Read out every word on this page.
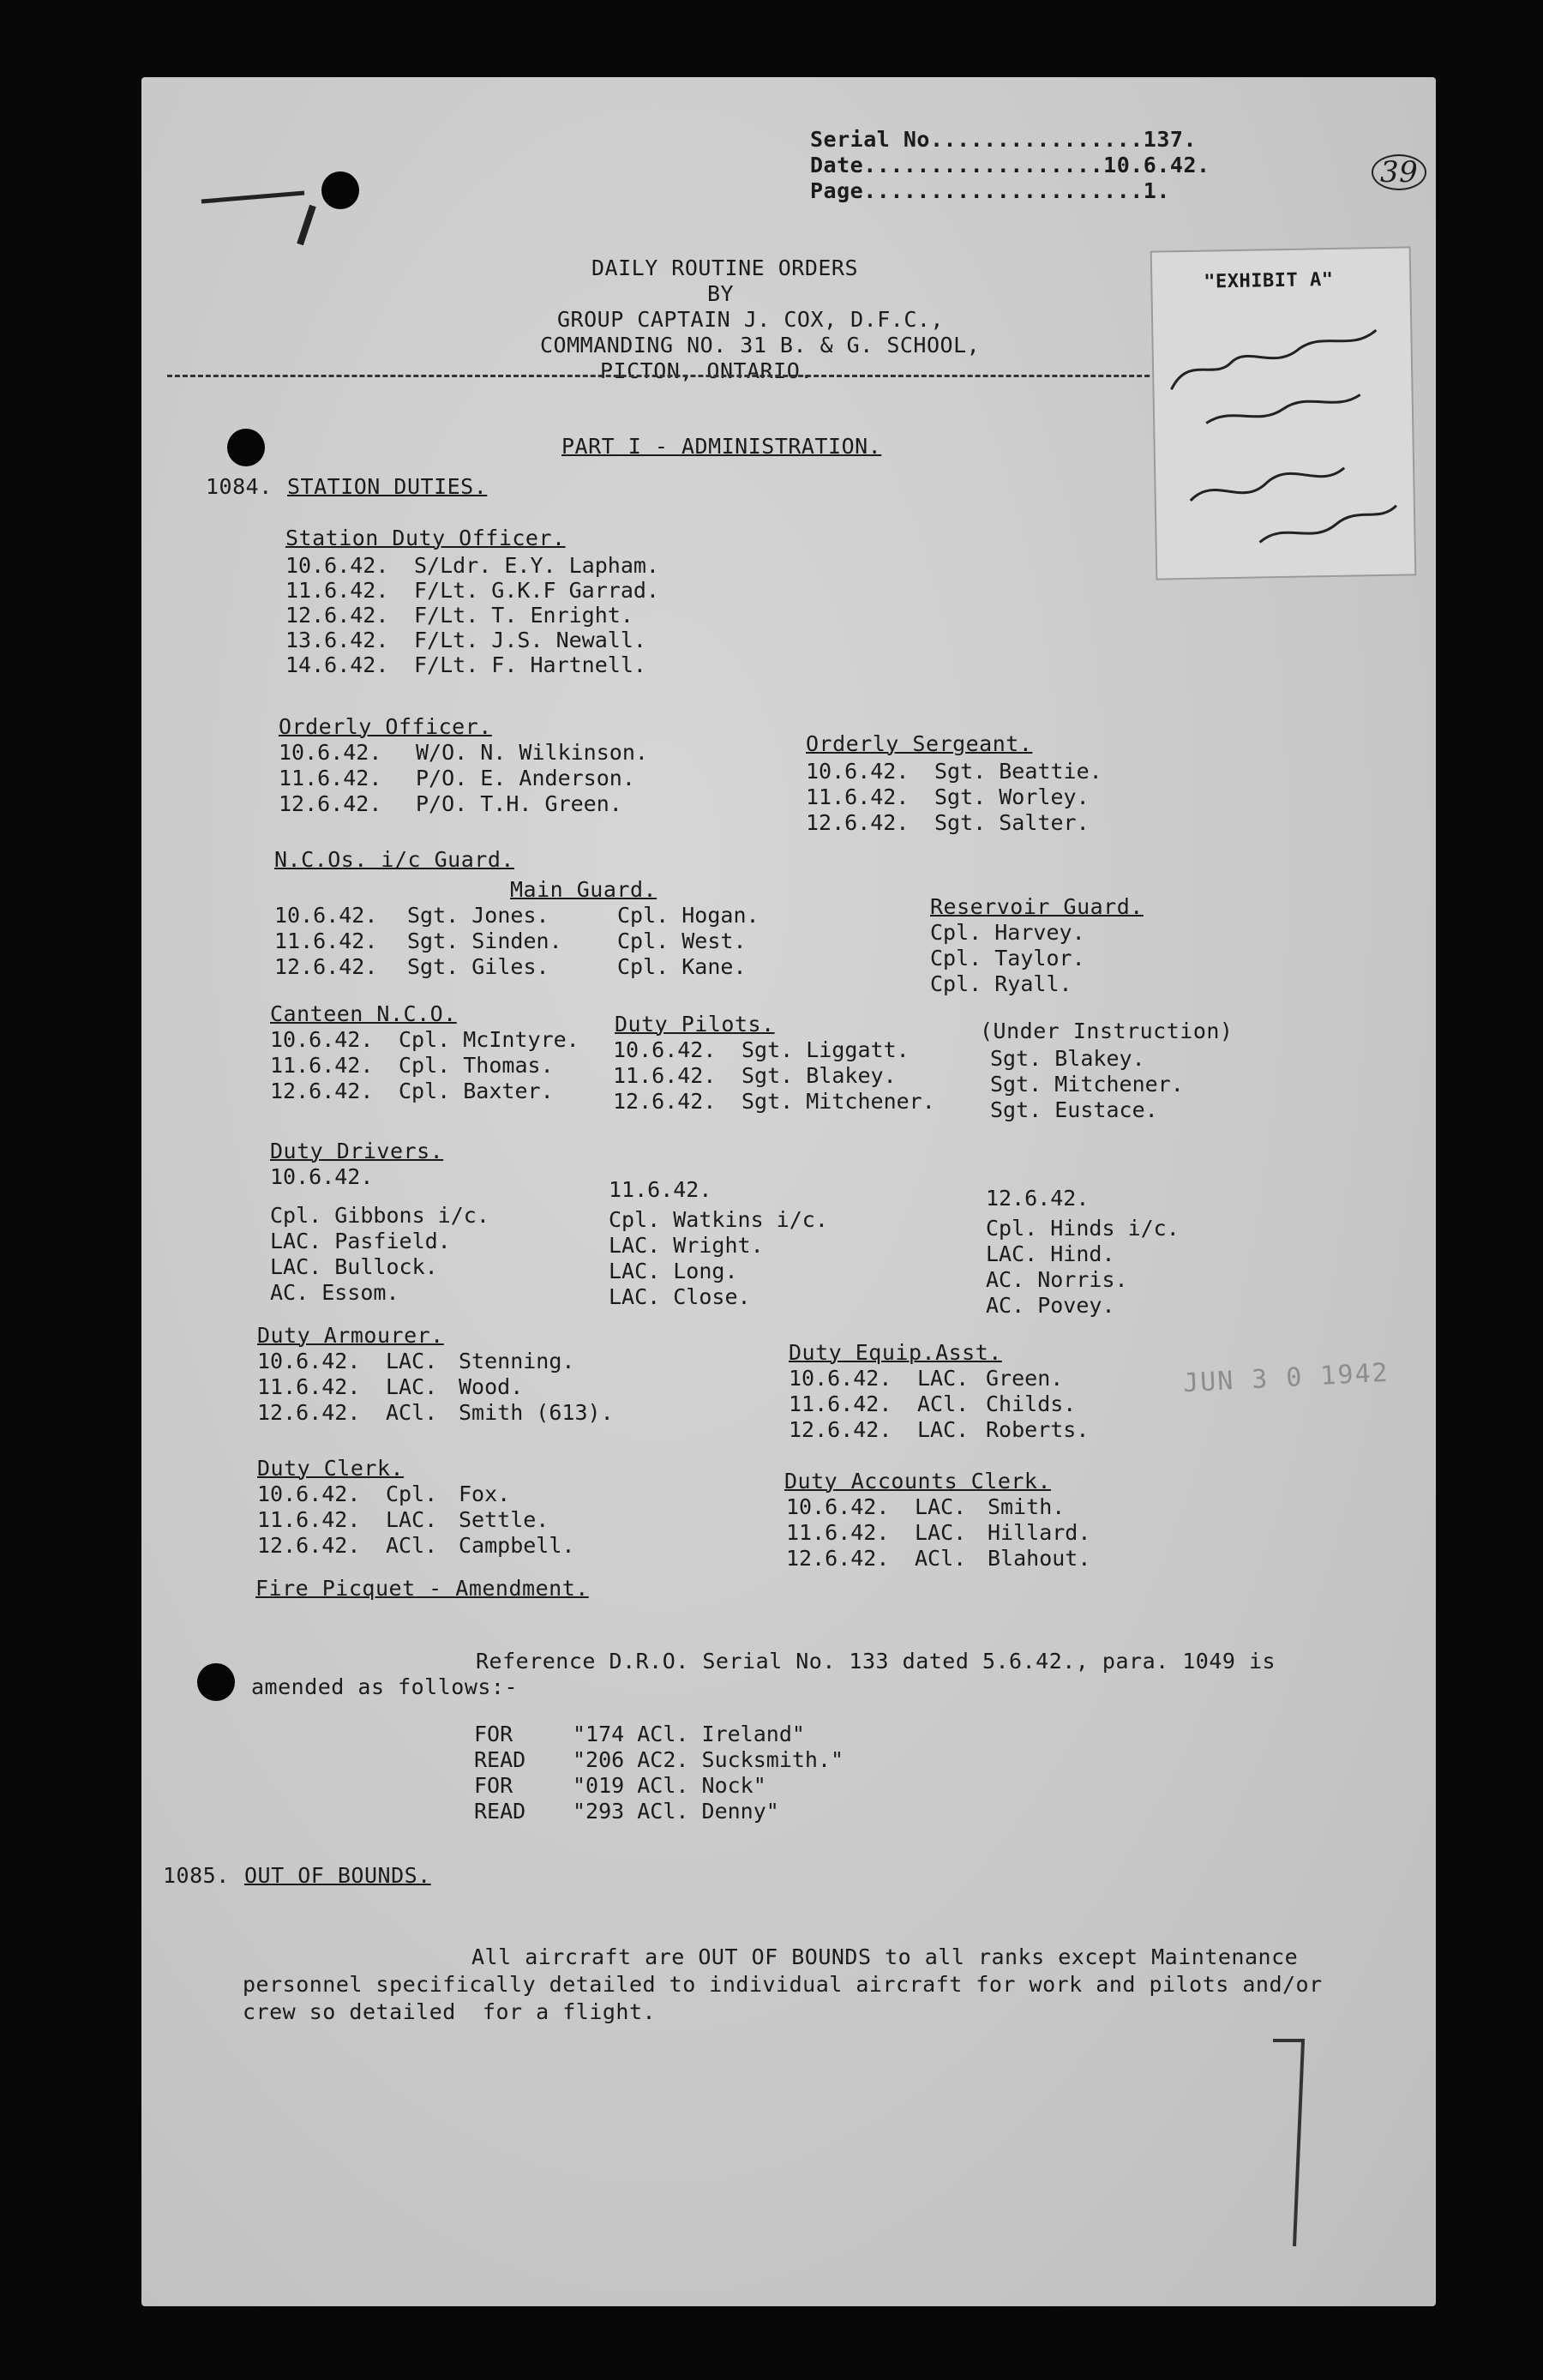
Serial No................137.
Date..................10.6.42.
Page.....................1.
39
DAILY ROUTINE ORDERS
BY
GROUP CAPTAIN J. COX, D.F.C.,
COMMANDING NO. 31 B. & G. SCHOOL,
PICTON, ONTARIO.
"EXHIBIT A"
PART I - ADMINISTRATION.
1084. STATION DUTIES.
Station Duty Officer.
10.6.42. S/Ldr. E.Y. Lapham.
11.6.42. F/Lt. G.K.F Garrad.
12.6.42. F/Lt. T. Enright.
13.6.42. F/Lt. J.S. Newall.
14.6.42. F/Lt. F. Hartnell.
Orderly Officer.
10.6.42. W/O. N. Wilkinson.
11.6.42. P/O. E. Anderson.
12.6.42. P/O. T.H. Green.
Orderly Sergeant.
10.6.42. Sgt. Beattie.
11.6.42. Sgt. Worley.
12.6.42. Sgt. Salter.
N.C.Os. i/c Guard.
Main Guard.
10.6.42. Sgt. Jones.	Cpl. Hogan.
11.6.42. Sgt. Sinden.	Cpl. West.
12.6.42. Sgt. Giles.	Cpl. Kane.
Reservoir Guard.
Cpl. Harvey.
Cpl. Taylor.
Cpl. Ryall.
Canteen N.C.O.
10.6.42. Cpl. McIntyre.
11.6.42. Cpl. Thomas.
12.6.42. Cpl. Baxter.
Duty Pilots.
10.6.42. Sgt. Liggatt.
11.6.42. Sgt. Blakey.
12.6.42. Sgt. Mitchener.
(Under Instruction)
Sgt. Blakey.
Sgt. Mitchener.
Sgt. Eustace.
Duty Drivers.
10.6.42.
Cpl. Gibbons i/c.
LAC. Pasfield.
LAC. Bullock.
AC. Essom.
11.6.42.
Cpl. Watkins i/c.
LAC. Wright.
LAC. Long.
LAC. Close.
12.6.42.
Cpl. Hinds i/c.
LAC. Hind.
AC. Norris.
AC. Povey.
Duty Armourer.
10.6.42. LAC. Stenning.
11.6.42. LAC. Wood.
12.6.42. ACl. Smith (613).
Duty Equip.Asst.
10.6.42. LAC. Green.
11.6.42. ACl. Childs.
12.6.42. LAC. Roberts.
JUN 3 0 1942
Duty Clerk.
10.6.42. Cpl. Fox.
11.6.42. LAC. Settle.
12.6.42. ACl. Campbell.
Duty Accounts Clerk.
10.6.42. LAC. Smith.
11.6.42. LAC. Hillard.
12.6.42. ACl. Blahout.
Fire Picquet - Amendment.
Reference D.R.O. Serial No. 133 dated 5.6.42., para. 1049 is
amended as follows:-
FOR	"174 ACl. Ireland"
READ "206 AC2. Sucksmith."
FOR	"019 ACl. Nock"
READ "293 ACl. Denny"
1085. OUT OF BOUNDS.
All aircraft are OUT OF BOUNDS to all ranks except Maintenance
personnel specifically detailed to individual aircraft for work and pilots and/or
crew so detailed  for a flight.
